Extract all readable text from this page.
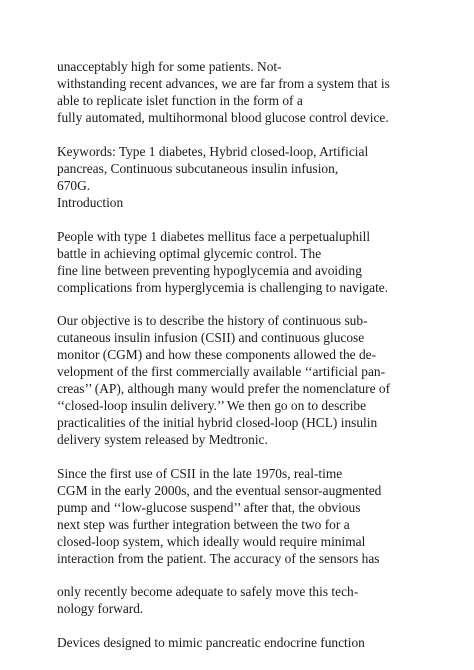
unacceptably high for some patients. Not-
withstanding recent advances, we are far from a system that is
able to replicate islet function in the form of a
fully automated, multihormonal blood glucose control device.
Keywords: Type 1 diabetes, Hybrid closed-loop, Artificial
pancreas, Continuous subcutaneous insulin infusion,
670G.
Introduction
People with type 1 diabetes mellitus face a perpetualuphill
battle in achieving optimal glycemic control. The
fine line between preventing hypoglycemia and avoiding
complications from hyperglycemia is challenging to navigate.
Our objective is to describe the history of continuous sub-
cutaneous insulin infusion (CSII) and continuous glucose
monitor (CGM) and how these components allowed the de-
velopment of the first commercially available ‘‘artificial pan-
creas’’ (AP), although many would prefer the nomenclature of
‘‘closed-loop insulin delivery.’’ We then go on to describe
practicalities of the initial hybrid closed-loop (HCL) insulin
delivery system released by Medtronic.
Since the first use of CSII in the late 1970s, real-time
CGM in the early 2000s, and the eventual sensor-augmented
pump and ‘‘low-glucose suspend’’ after that, the obvious
next step was further integration between the two for a
closed-loop system, which ideally would require minimal
interaction from the patient. The accuracy of the sensors has
only recently become adequate to safely move this tech-
nology forward.
Devices designed to mimic pancreatic endocrine function
